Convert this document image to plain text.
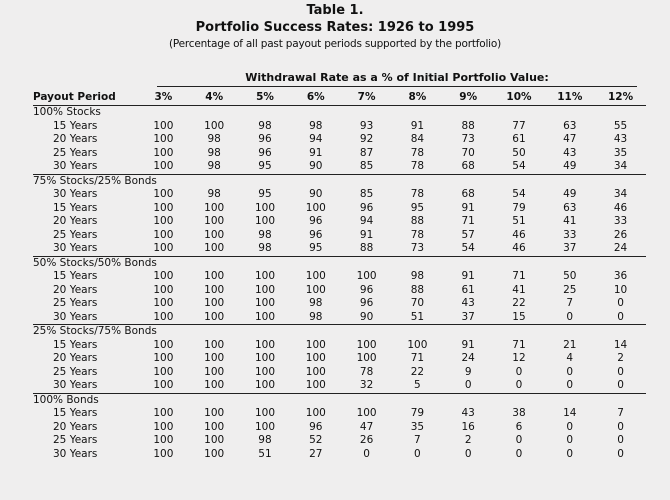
Table 1.
Portfolio Success Rates: 1926 to 1995
(Percentage of all past payout periods supported by the portfolio)
Withdrawal Rate as a % of Initial Portfolio Value:
Payout Period	3%	4%	5%	6%	7%	8%	9%	10%	11%	12%
100% Stocks										
15 Years	100	100	98	98	93	91	88	77	63	55
20 Years	100	98	96	94	92	84	73	61	47	43
25 Years	100	98	96	91	87	78	70	50	43	35
30 Years	100	98	95	90	85	78	68	54	49	34
75% Stocks/25% Bonds										
30 Years	100	98	95	90	85	78	68	54	49	34
15 Years	100	100	100	100	96	95	91	79	63	46
20 Years	100	100	100	96	94	88	71	51	41	33
25 Years	100	100	98	96	91	78	57	46	33	26
30 Years	100	100	98	95	88	73	54	46	37	24
50% Stocks/50% Bonds										
15 Years	100	100	100	100	100	98	91	71	50	36
20 Years	100	100	100	100	96	88	61	41	25	10
25 Years	100	100	100	98	96	70	43	22	7	0
30 Years	100	100	100	98	90	51	37	15	0	0
25% Stocks/75% Bonds										
15 Years	100	100	100	100	100	100	91	71	21	14
20 Years	100	100	100	100	100	71	24	12	4	2
25 Years	100	100	100	100	78	22	9	0	0	0
30 Years	100	100	100	100	32	5	0	0	0	0
100% Bonds										
15 Years	100	100	100	100	100	79	43	38	14	7
20 Years	100	100	100	96	47	35	16	6	0	0
25 Years	100	100	98	52	26	7	2	0	0	0
30 Years	100	100	51	27	0	0	0	0	0	0
